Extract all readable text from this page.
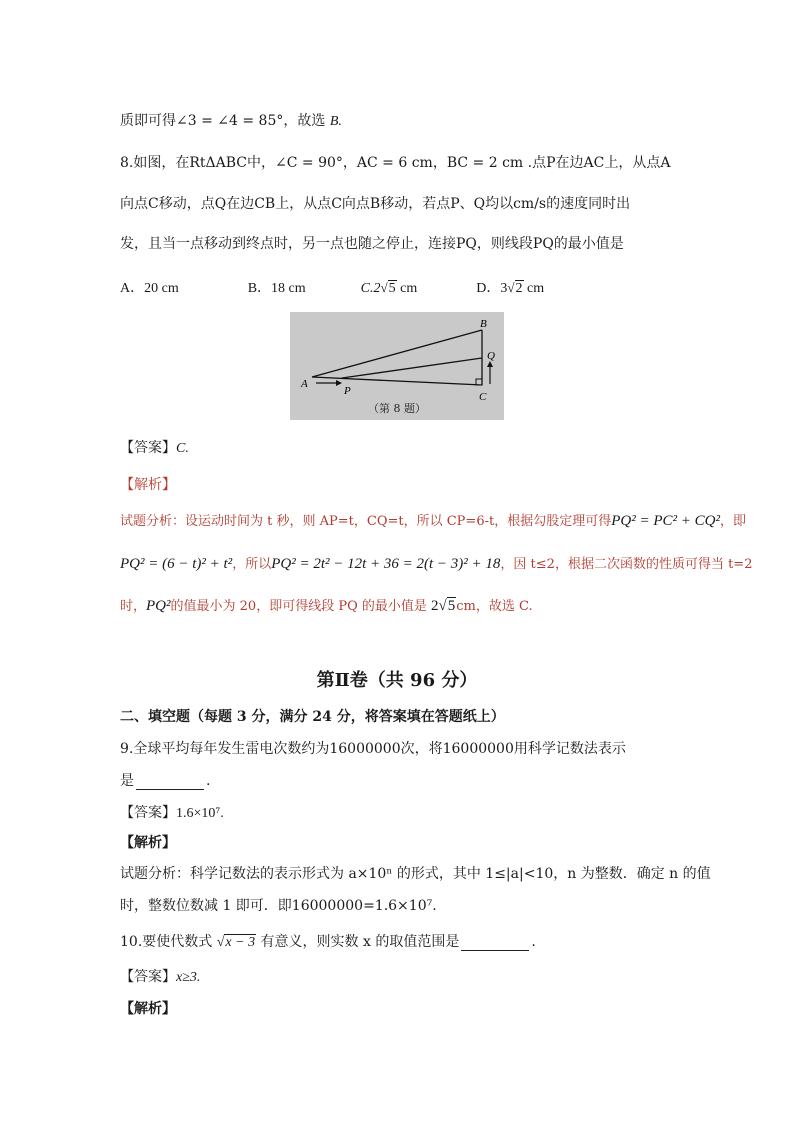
质即可得∠3 = ∠4 = 85°，故选 B.
8.如图，在RtΔABC中，∠C = 90°，AC = 6 cm，BC = 2 cm .点P在边AC上，从点A
向点C移动，点Q在边CB上，从点C向点B移动，若点P、Q均以cm/s的速度同时出
发，且当一点移动到终点时，另一点也随之停止，连接PQ，则线段PQ的最小值是
A．20 cm	B．18 cm	C.2√5 cm	D．3√2 cm
B
Q
C
A
P
（第 8 题）
【答案】C.
【解析】
试题分析：设运动时间为 t 秒，则 AP=t，CQ=t，所以 CP=6-t，根据勾股定理可得PQ² = PC² + CQ²，即
PQ² = (6 − t)² + t²，所以PQ² = 2t² − 12t + 36 = 2(t − 3)² + 18，因 t≤2，根据二次函数的性质可得当 t=2
时，PQ²的值最小为 20，即可得线段 PQ 的最小值是 2√5cm，故选 C.
第Ⅱ卷（共 96 分）
二、填空题（每题 3 分，满分 24 分，将答案填在答题纸上）
9.全球平均每年发生雷电次数约为16000000次，将16000000用科学记数法表示
是	.
【答案】1.6×10⁷.
【解析】
试题分析：科学记数法的表示形式为 a×10ⁿ 的形式，其中 1≤|a|<10，n 为整数．确定 n 的值
时，整数位数减 1 即可．即16000000=1.6×10⁷.
10.要使代数式 √x − 3 有意义，则实数 x 的取值范围是	.
【答案】x≥3.
【解析】
